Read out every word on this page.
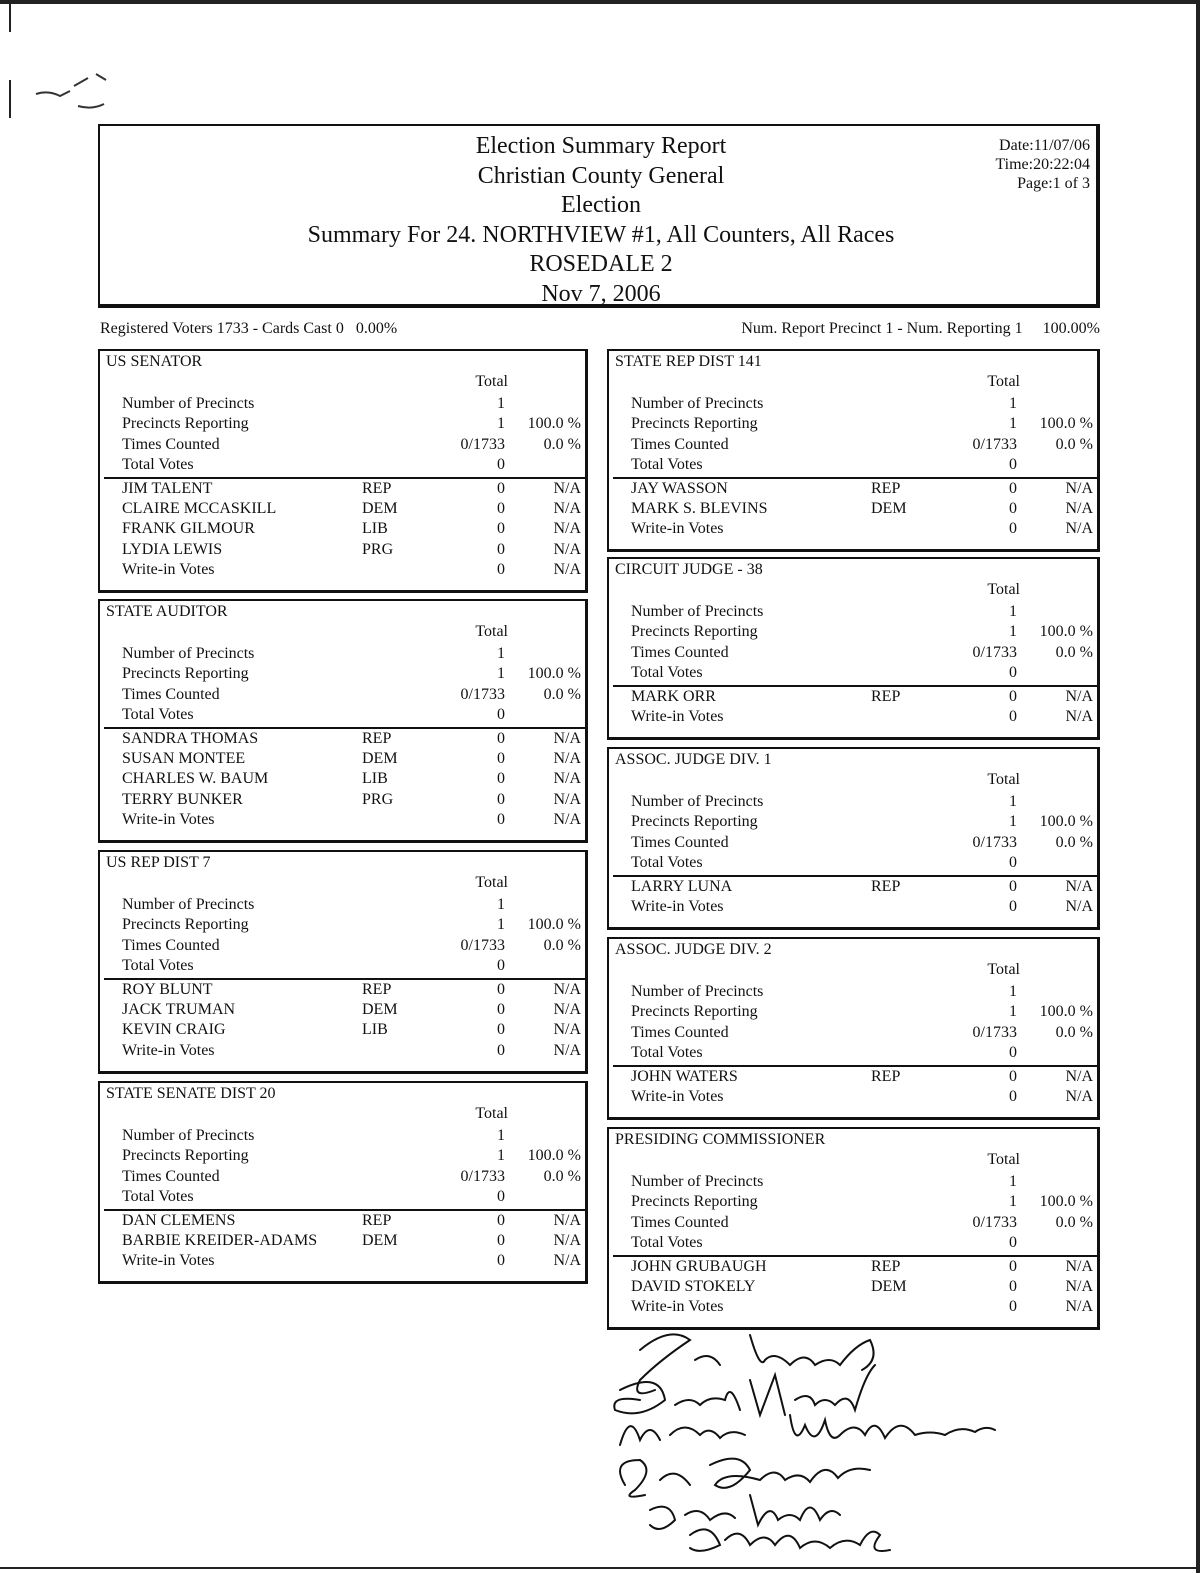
Election Summary Report
Christian County General
Election
Summary For 24. NORTHVIEW #1, All Counters, All Races
ROSEDALE 2
Nov 7, 2006
Date:11/07/06
Time:20:22:04
Page:1 of 3
Registered Voters 1733 - Cards Cast 0   0.00%	Num. Report Precinct 1 - Num. Reporting 1     100.00%
US SENATOR
Total
Number of Precincts	1
Precincts Reporting	1 100.0 %
Times Counted	0/1733 0.0 %
Total Votes	0
JIM TALENT	REP	0	N/A
CLAIRE MCCASKILL	DEM	0	N/A
FRANK GILMOUR	LIB	0	N/A
LYDIA LEWIS	PRG	0	N/A
Write-in Votes	0	N/A
STATE AUDITOR
Total
Number of Precincts	1
Precincts Reporting	1 100.0 %
Times Counted	0/1733 0.0 %
Total Votes	0
SANDRA THOMAS	REP	0	N/A
SUSAN MONTEE	DEM	0	N/A
CHARLES W. BAUM	LIB	0	N/A
TERRY BUNKER	PRG	0	N/A
Write-in Votes	0	N/A
US REP DIST 7
Total
Number of Precincts	1
Precincts Reporting	1 100.0 %
Times Counted	0/1733 0.0 %
Total Votes	0
ROY BLUNT	REP	0	N/A
JACK TRUMAN	DEM	0	N/A
KEVIN CRAIG	LIB	0	N/A
Write-in Votes	0	N/A
STATE SENATE DIST 20
Total
Number of Precincts	1
Precincts Reporting	1 100.0 %
Times Counted	0/1733 0.0 %
Total Votes	0
DAN CLEMENS	REP	0	N/A
BARBIE KREIDER-ADAMS	DEM	0	N/A
Write-in Votes	0	N/A
STATE REP DIST 141
Total
Number of Precincts	1
Precincts Reporting	1 100.0 %
Times Counted	0/1733 0.0 %
Total Votes	0
JAY WASSON	REP	0	N/A
MARK S. BLEVINS	DEM	0	N/A
Write-in Votes	0	N/A
CIRCUIT JUDGE - 38
Total
Number of Precincts	1
Precincts Reporting	1 100.0 %
Times Counted	0/1733 0.0 %
Total Votes	0
MARK ORR	REP	0	N/A
Write-in Votes	0	N/A
ASSOC. JUDGE DIV. 1
Total
Number of Precincts	1
Precincts Reporting	1 100.0 %
Times Counted	0/1733 0.0 %
Total Votes	0
LARRY LUNA	REP	0	N/A
Write-in Votes	0	N/A
ASSOC. JUDGE DIV. 2
Total
Number of Precincts	1
Precincts Reporting	1 100.0 %
Times Counted	0/1733 0.0 %
Total Votes	0
JOHN WATERS	REP	0	N/A
Write-in Votes	0	N/A
PRESIDING COMMISSIONER
Total
Number of Precincts	1
Precincts Reporting	1 100.0 %
Times Counted	0/1733 0.0 %
Total Votes	0
JOHN GRUBAUGH	REP	0	N/A
DAVID STOKELY	DEM	0	N/A
Write-in Votes	0	N/A
